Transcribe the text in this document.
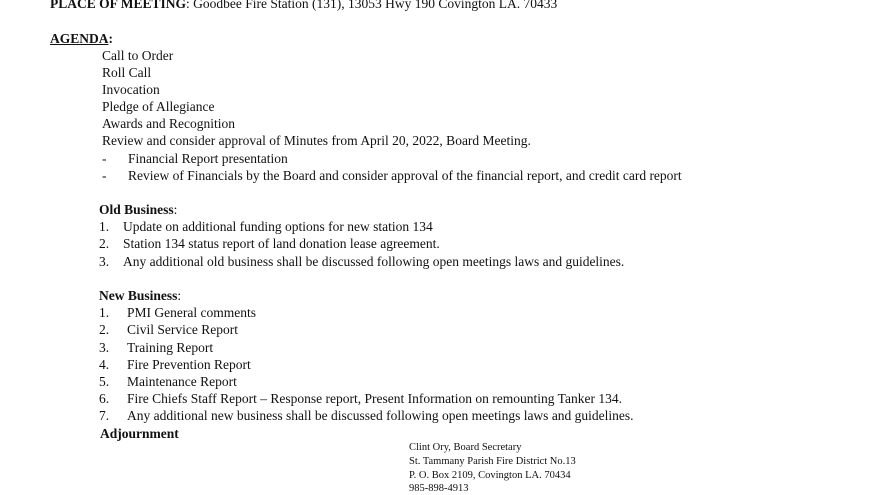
PLACE OF MEETING: Goodbee Fire Station (131), 13053 Hwy 190 Covington LA. 70433
AGENDA:
Call to Order
Roll Call
Invocation
Pledge of Allegiance
Awards and Recognition
Review and consider approval of Minutes from April 20, 2022, Board Meeting.
- Financial Report presentation
- Review of Financials by the Board and consider approval of the financial report, and credit card report
Old Business:
1. Update on additional funding options for new station 134
2. Station 134 status report of land donation lease agreement.
3. Any additional old business shall be discussed following open meetings laws and guidelines.
New Business:
1. PMI General comments
2. Civil Service Report
3. Training Report
4. Fire Prevention Report
5. Maintenance Report
6. Fire Chiefs Staff Report – Response report, Present Information on remounting Tanker 134.
7. Any additional new business shall be discussed following open meetings laws and guidelines.
Adjournment
Clint Ory, Board Secretary
St. Tammany Parish Fire District No.13
P. O. Box 2109, Covington LA. 70434
985-898-4913
